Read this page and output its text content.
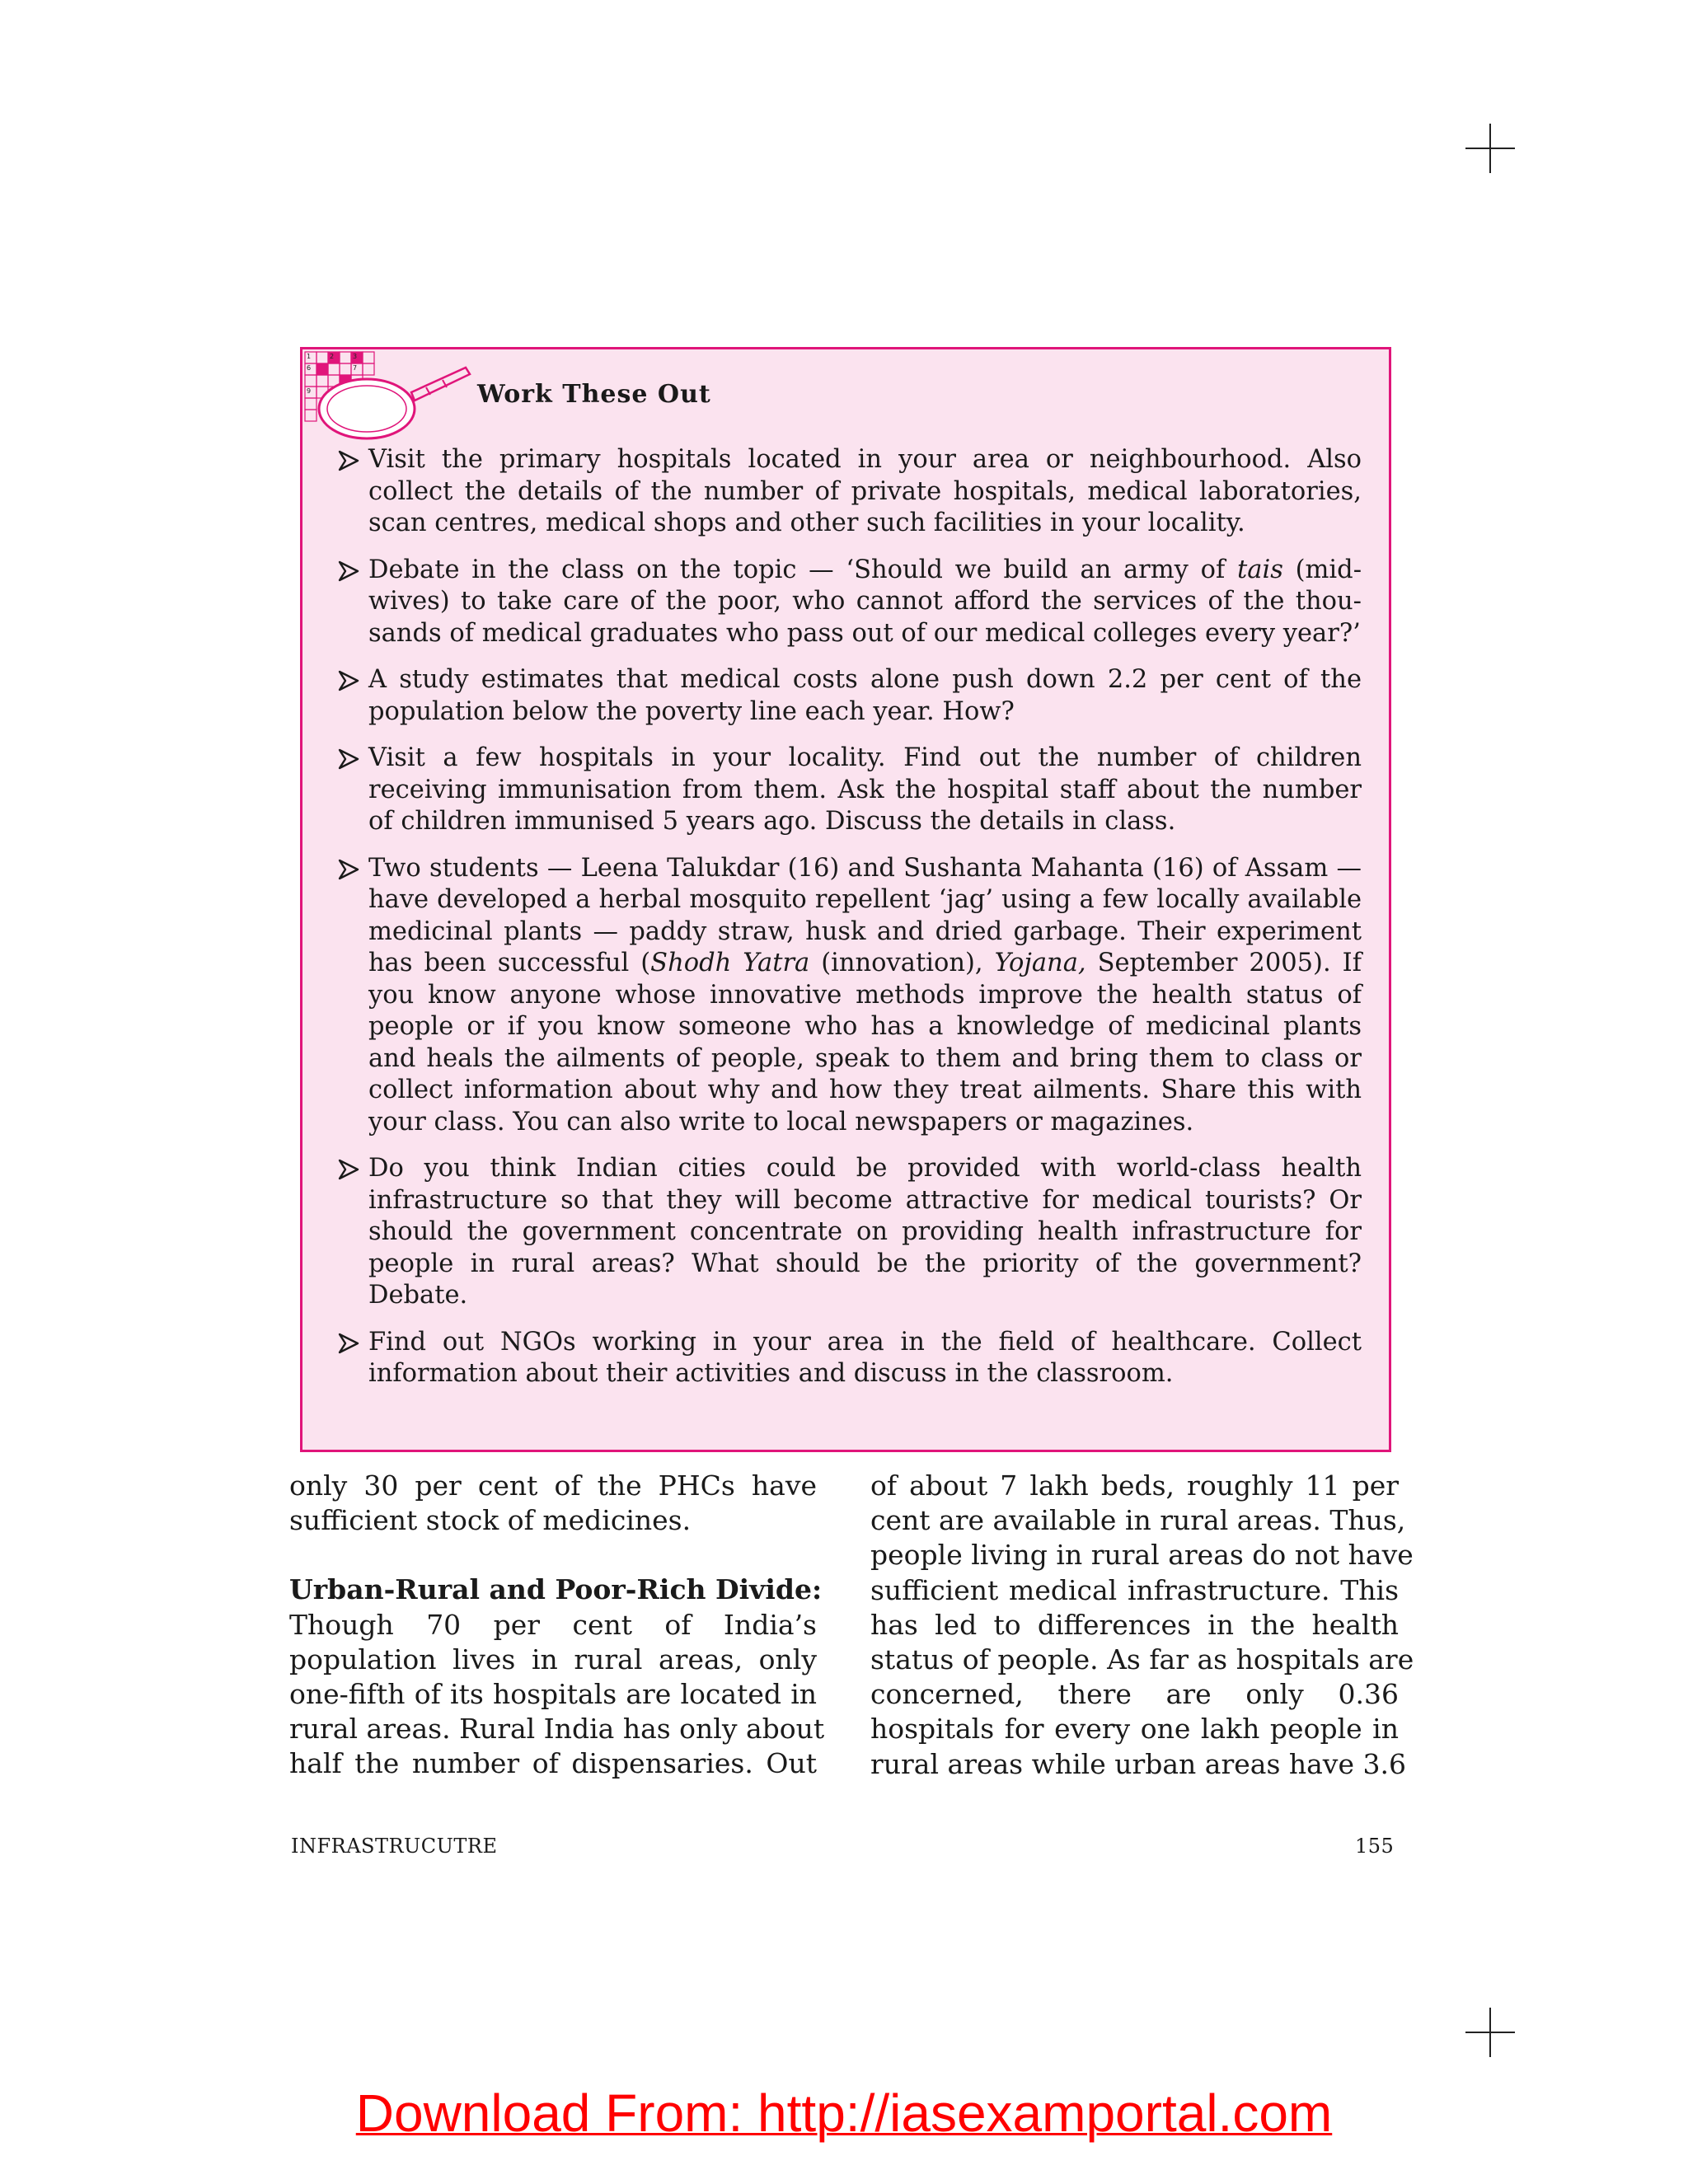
1	2	3
6	7
9	Work These Out
Visit the primary hospitals located in your area or neighbourhood. Also
collect the details of the number of private hospitals, medical laboratories,
scan centres, medical shops and other such facilities in your locality.
Debate in the class on the topic — ‘Should we build an army of tais (mid-
wives) to take care of the poor, who cannot afford the services of the thou-
sands of medical graduates who pass out of our medical colleges every year?’
A study estimates that medical costs alone push down 2.2 per cent of the
population below the poverty line each year. How?
Visit a few hospitals in your locality. Find out the number of children
receiving immunisation from them. Ask the hospital staff about the number
of children immunised 5 years ago. Discuss the details in class.
Two students — Leena Talukdar (16) and Sushanta Mahanta (16) of Assam —
have developed a herbal mosquito repellent ‘jag’ using a few locally available
medicinal plants — paddy straw, husk and dried garbage. Their experiment
has been successful (Shodh Yatra (innovation), Yojana, September 2005). If
you know anyone whose innovative methods improve the health status of
people or if you know someone who has a knowledge of medicinal plants
and heals the ailments of people, speak to them and bring them to class or
collect information about why and how they treat ailments. Share this with
your class. You can also write to local newspapers or magazines.
Do you think Indian cities could be provided with world-class health
infrastructure so that they will become attractive for medical tourists? Or
should the government concentrate on providing health infrastructure for
people in rural areas? What should be the priority of the government?
Debate.
Find out NGOs working in your area in the field of healthcare. Collect
information about their activities and discuss in the classroom.
only 30 per cent of the PHCs have
sufficient stock of medicines.
Urban-Rural and Poor-Rich Divide:
Though 70 per cent of India’s
population lives in rural areas, only
one-fifth of its hospitals are located in
rural areas. Rural India has only about
half the number of dispensaries. Out
of about 7 lakh beds, roughly 11 per
cent are available in rural areas. Thus,
people living in rural areas do not have
sufficient medical infrastructure. This
has led to differences in the health
status of people. As far as hospitals are
concerned, there are only 0.36
hospitals for every one lakh people in
rural areas while urban areas have 3.6
INFRASTRUCUTRE	155
Download From: http://iasexamportal.com
